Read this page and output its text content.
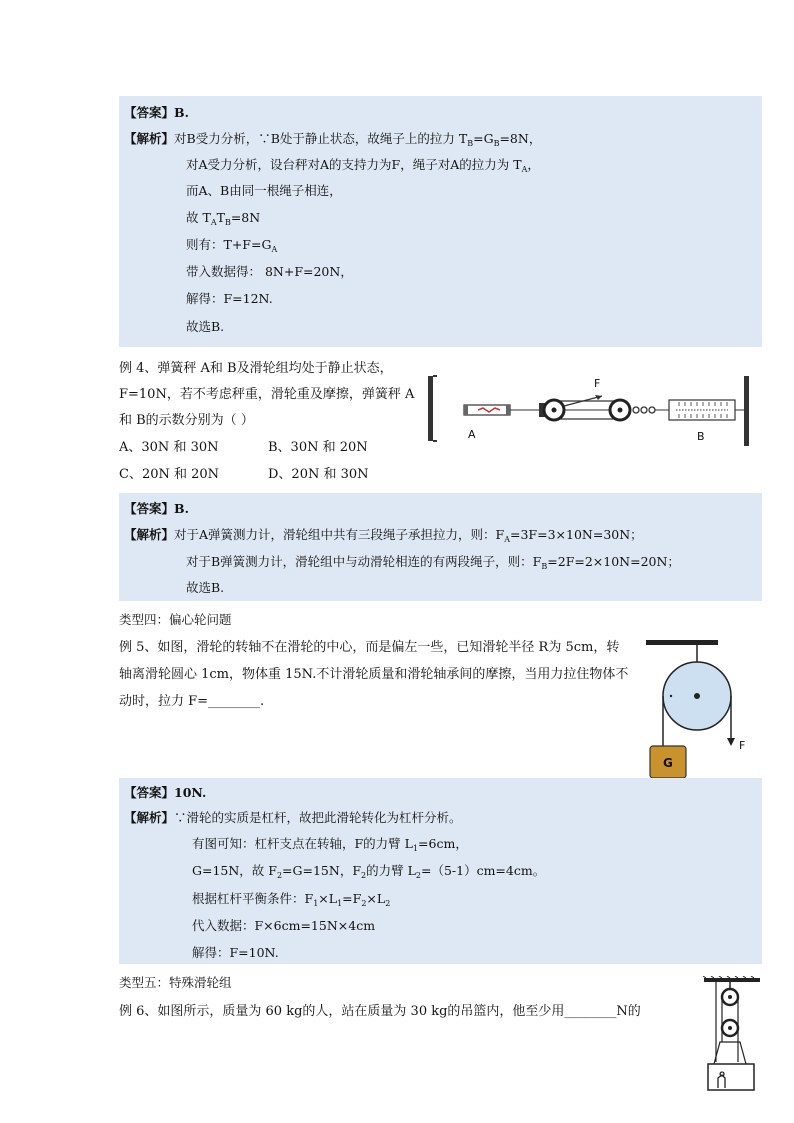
【答案】B.
【解析】对B受力分析，∵B处于静止状态，故绳子上的拉力 $T_B=G_B=8N$，
对A受力分析，设台秤对A的支持力为F，绳子对A的拉力为 $T_A$，
而A、B由同一根绳子相连，
故 $T_AT_B=8N$
则有：$T+F=G_A$
带入数据得： 8N+F=20N，
解得：F=12N.
故选B.
例 4、弹簧秤 A和 B及滑轮组均处于静止状态，
F=10N，若不考虑秤重，滑轮重及摩擦，弹簧秤 A
和 B的示数分别为（ ）
A、30N 和 30N	B、30N 和 20N
C、20N 和 20N	D、20N 和 30N
A
F
B
【答案】B.
【解析】对于A弹簧测力计，滑轮组中共有三段绳子承担拉力，则：$F_A=3F=3\times 10N=30N$；
对于B弹簧测力计，滑轮组中与动滑轮相连的有两段绳子，则：$F_B=2F=2\times 10N=20N$；
故选B.
类型四：偏心轮问题
例 5、如图，滑轮的转轴不在滑轮的中心，而是偏左一些，已知滑轮半径 R为 5cm，转
轴离滑轮圆心 1cm，物体重 15N.不计滑轮质量和滑轮轴承间的摩擦，当用力拉住物体不
动时，拉力 F=________.
F
G
【答案】10N.
【解析】∵滑轮的实质是杠杆，故把此滑轮转化为杠杆分析。
有图可知：杠杆支点在转轴，F的力臂 $L_1=6cm$，
G=15N，故 $F_2=G=15N$，$F_2$的力臂 $L_2=(5-1)cm=4cm$。
根据杠杆平衡条件：$F_1\times L_1=F_2\times L_2$
代入数据：F×6cm=15N×4cm
解得：F=10N.
类型五：特殊滑轮组
例 6、如图所示，质量为 60 kg的人，站在质量为 30 kg的吊篮内，他至少用________N的
